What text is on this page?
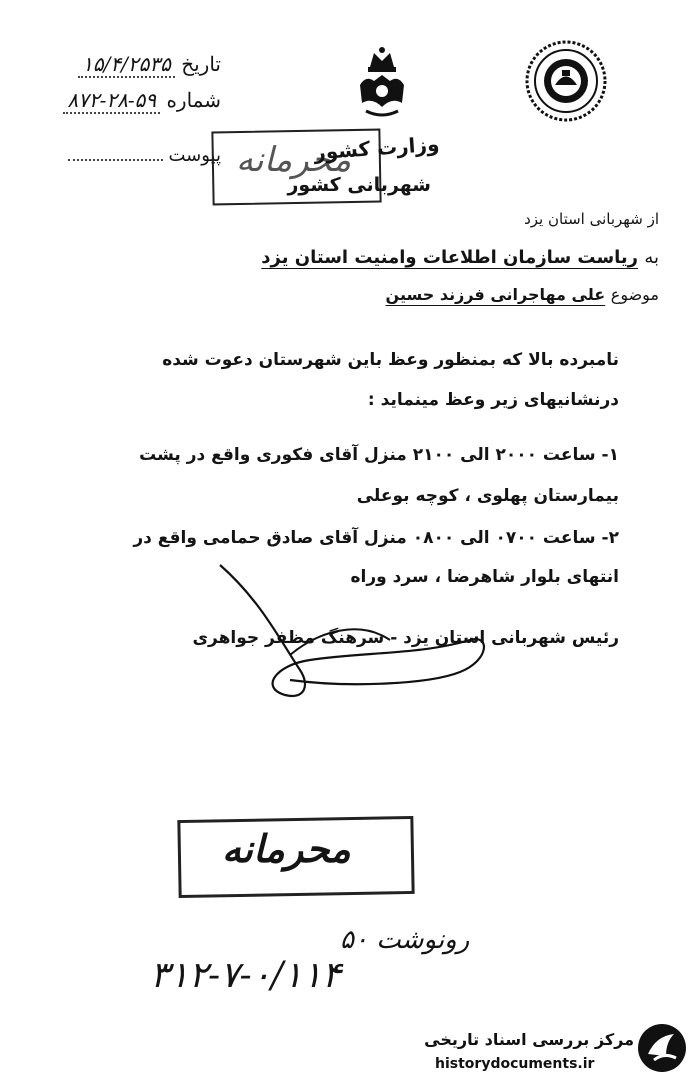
تاریخ ۱۵/۴/۲۵۳۵
شماره ۵۹-۲۸-۸۷۲
پیوست محرمانه
وزارت کشور
شهربانی کشور
از شهربانی استان یزد
به ریاست سازمان اطلاعات وامنیت استان یزد
موضوع علی مهاجرانی فرزند حسین
نامبرده بالا که بمنظور وعظ باین شهرستان دعوت شده
درنشانیهای زیر وعظ مینماید :
۱- ساعت ۲۰۰۰ الی ۲۱۰۰ منزل آقای فکوری واقع در پشت
بیمارستان پهلوی ، کوچه بوعلی
۲- ساعت ۰۷۰۰ الی ۰۸۰۰ منزل آقای صادق حمامی واقع در
انتهای بلوار شاهرضا ، سرد وراه
رئیس شهربانی استان یزد - سرهنگ مظفر جواهری
محرمانه
رونوشت ۵۰
۳۱۲-۷-۰/۱۱۴
مرکز بررسی اسناد تاریخی
historydocuments.ir
